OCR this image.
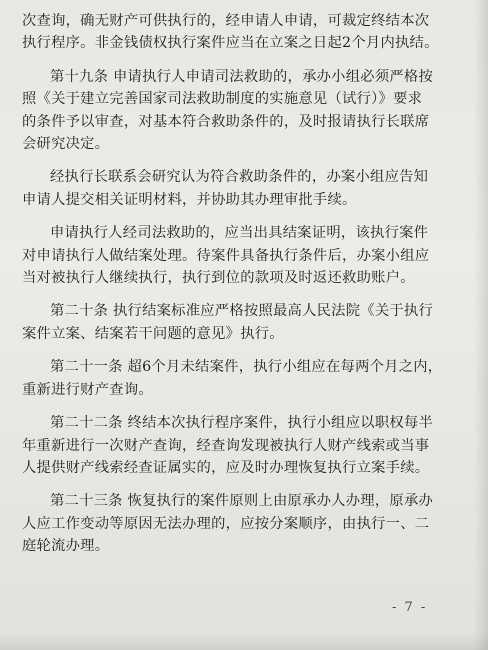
次查询，确无财产可供执行的，经申请人申请，可裁定终结本次
执行程序。非金钱债权执行案件应当在立案之日起2个月内执结。
第十九条 申请执行人申请司法救助的，承办小组必须严格按
照《关于建立完善国家司法救助制度的实施意见（试行）》要求
的条件予以审查，对基本符合救助条件的，及时报请执行长联席
会研究决定。
经执行长联系会研究认为符合救助条件的，办案小组应告知
申请人提交相关证明材料，并协助其办理审批手续。
申请执行人经司法救助的，应当出具结案证明，该执行案件
对申请执行人做结案处理。待案件具备执行条件后，办案小组应
当对被执行人继续执行，执行到位的款项及时返还救助账户。
第二十条 执行结案标准应严格按照最高人民法院《关于执行
案件立案、结案若干问题的意见》执行。
第二十一条 超6个月未结案件，执行小组应在每两个月之内，
重新进行财产查询。
第二十二条 终结本次执行程序案件，执行小组应以职权每半
年重新进行一次财产查询，经查询发现被执行人财产线索或当事
人提供财产线索经查证属实的，应及时办理恢复执行立案手续。
第二十三条 恢复执行的案件原则上由原承办人办理，原承办
人应工作变动等原因无法办理的，应按分案顺序，由执行一、二
庭轮流办理。
- 7 -
